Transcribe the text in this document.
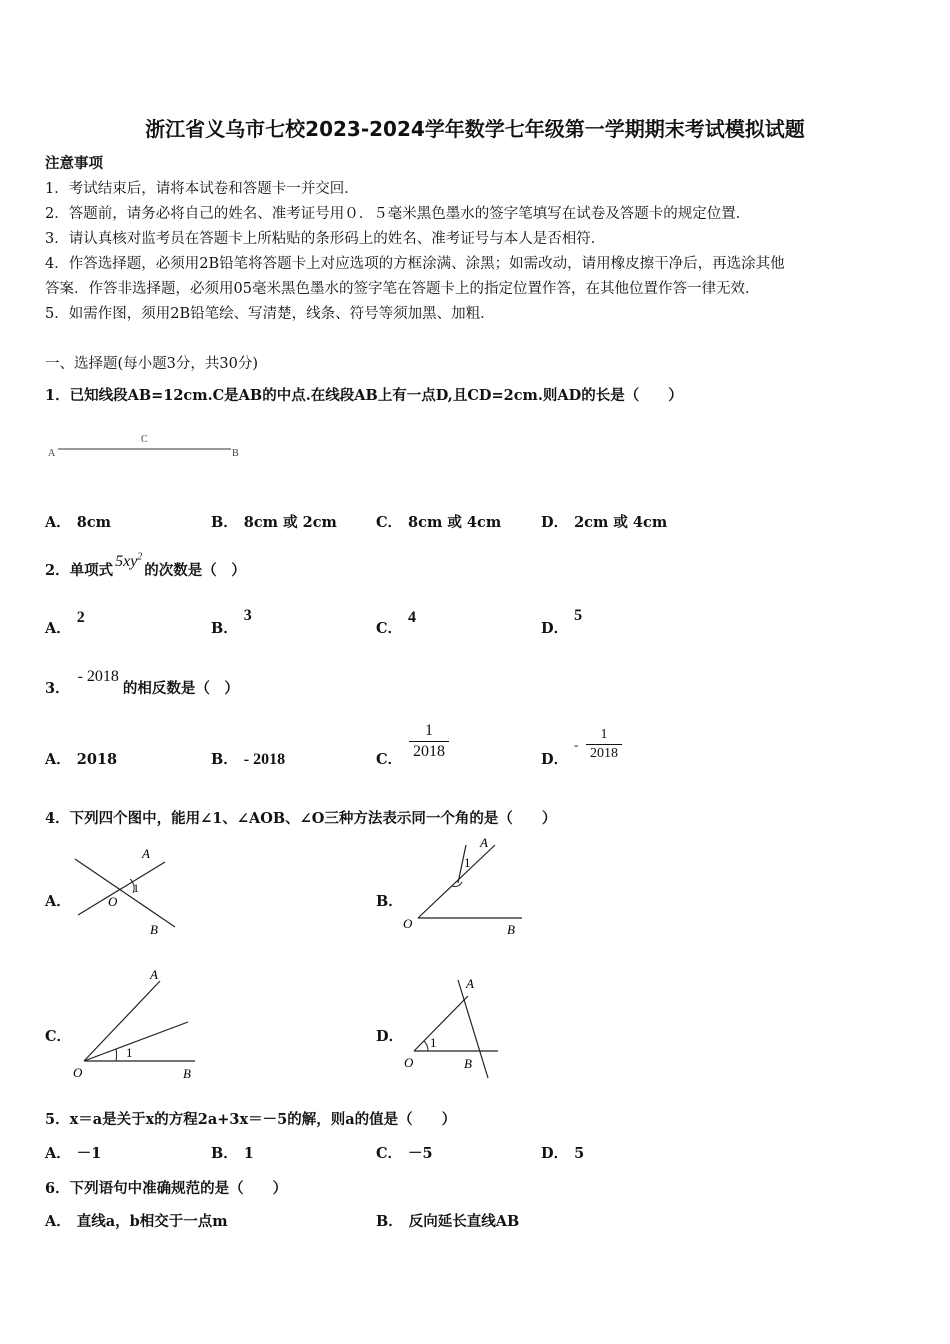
浙江省义乌市七校2023-2024学年数学七年级第一学期期末考试模拟试题
注意事项
1．考试结束后，请将本试卷和答题卡一并交回．
2．答题前，请务必将自己的姓名、准考证号用０．５毫米黑色墨水的签字笔填写在试卷及答题卡的规定位置．
3．请认真核对监考员在答题卡上所粘贴的条形码上的姓名、准考证号与本人是否相符．
4．作答选择题，必须用2B铅笔将答题卡上对应选项的方框涂满、涂黑；如需改动，请用橡皮擦干净后，再选涂其他
答案．作答非选择题，必须用05毫米黑色墨水的签字笔在答题卡上的指定位置作答，在其他位置作答一律无效．
5．如需作图，须用2B铅笔绘、写清楚，线条、符号等须加黑、加粗．
一、选择题(每小题3分，共30分)
1．已知线段AB=12cm.C是AB的中点.在线段AB上有一点D,且CD=2cm.则AD的长是（　　）
A	B
C
A． 8cm	B． 8cm 或 2cm	C． 8cm 或 4cm	D． 2cm 或 4cm
2．单项式$5xy^2$的次数是（　）
A．2
B．3
C．4
D．5
3．- 2018的相反数是（　）
A． 2018	B． - 2018	C．
1
2018	D．
-
1
2018
4．下列四个图中，能用∠1、∠AOB、∠O三种方法表示同一个角的是（　　）
A．
A
O
B
1
B．
A
1
O	B
C．
A
1
O	B
D．
A
1
O	B
5．x＝a是关于x的方程2a+3x＝－5的解，则a的值是（　　）
A． －1	B． 1	C． －5	D． 5
6．下列语句中准确规范的是（　　）
A． 直线a，b相交于一点m	B． 反向延长直线AB
